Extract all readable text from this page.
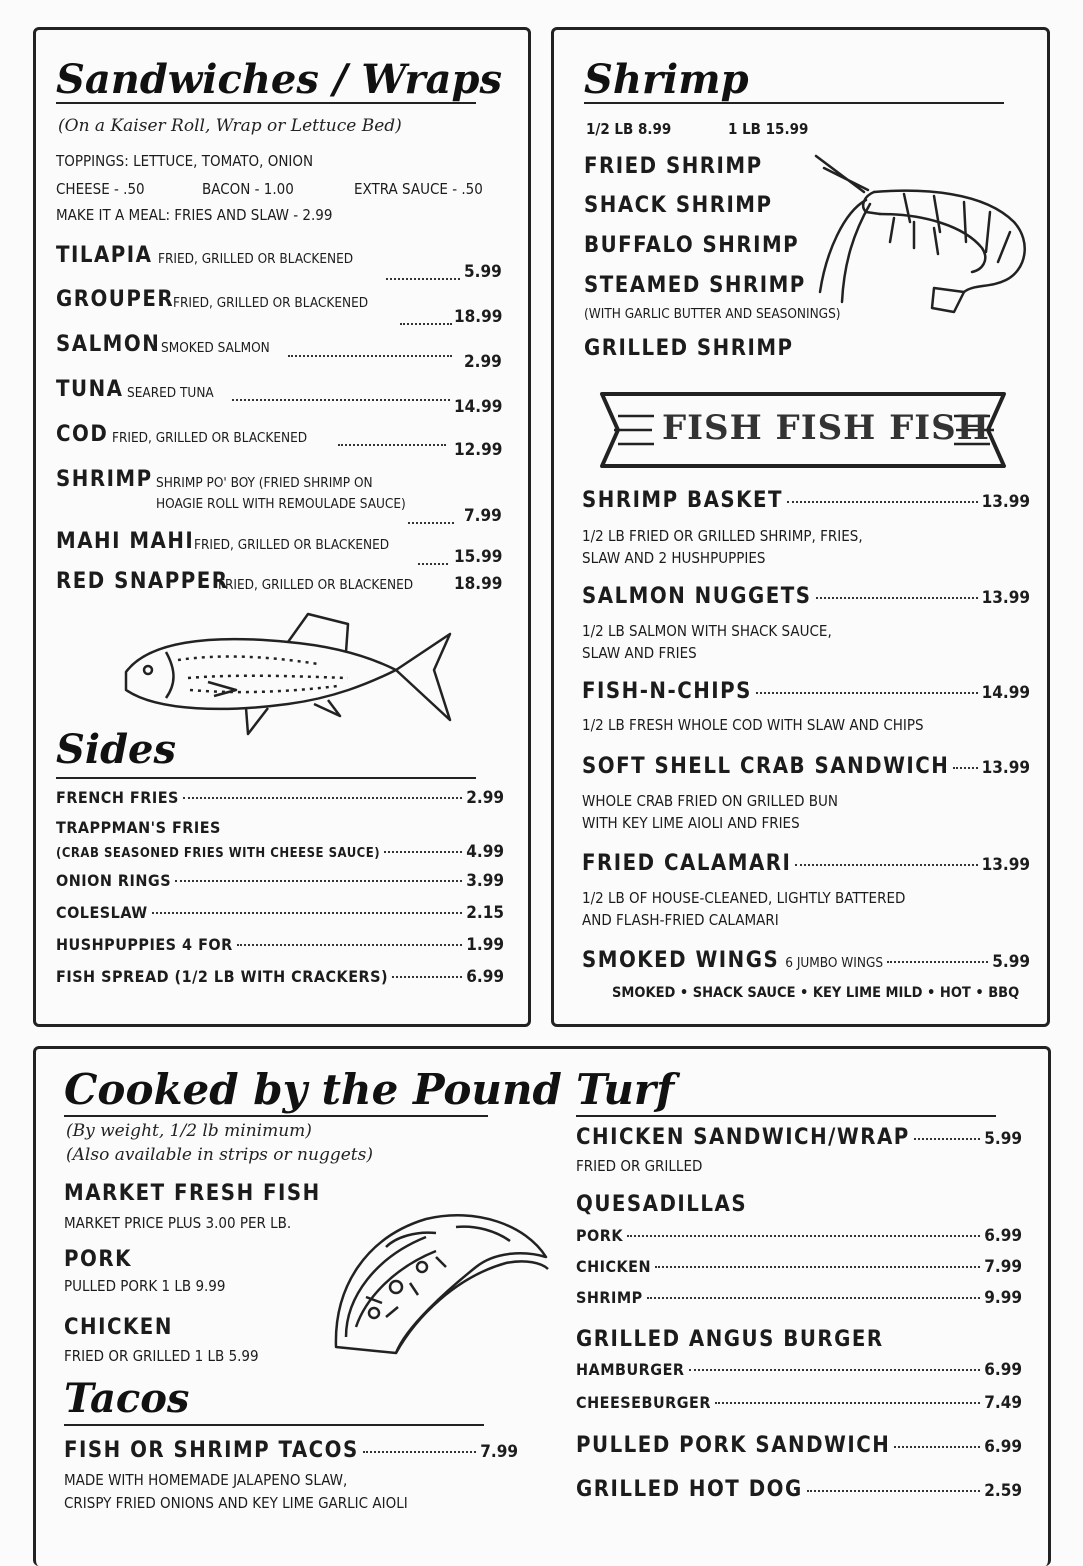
Sandwiches / Wraps
(On a Kaiser Roll, Wrap or Lettuce Bed)
TOPPINGS: LETTUCE, TOMATO, ONION
CHEESE - .50	BACON - 1.00	EXTRA SAUCE - .50
MAKE IT A MEAL: FRIES AND SLAW - 2.99
TILAPIA FRIED, GRILLED OR BLACKENED
5.99
GROUPER
FRIED, GRILLED OR BLACKENED
18.99
SALMON SMOKED SALMON
2.99
TUNA SEARED TUNA
14.99
COD FRIED, GRILLED OR BLACKENED
12.99
SHRIMP SHRIMP PO' BOY (FRIED SHRIMP ON
HOAGIE ROLL WITH REMOULADE SAUCE)
7.99
MAHI MAHI FRIED, GRILLED OR BLACKENED
15.99
RED SNAPPER
FRIED, GRILLED OR BLACKENED 18.99
Sides
FRENCH FRIES	2.99
TRAPPMAN'S FRIES
(CRAB SEASONED FRIES WITH CHEESE SAUCE)	4.99
ONION RINGS	3.99
COLESLAW	2.15
HUSHPUPPIES 4 FOR	1.99
FISH SPREAD (1/2 LB WITH CRACKERS)	6.99
Shrimp
1/2 LB 8.99	1 LB 15.99
FRIED SHRIMP
SHACK SHRIMP
BUFFALO SHRIMP
STEAMED SHRIMP
(WITH GARLIC BUTTER AND SEASONINGS)
GRILLED SHRIMP
FISH FISH FISH
SHRIMP BASKET	13.99
1/2 LB FRIED OR GRILLED SHRIMP, FRIES,
SLAW AND 2 HUSHPUPPIES
SALMON NUGGETS	13.99
1/2 LB SALMON WITH SHACK SAUCE,
SLAW AND FRIES
FISH-N-CHIPS	14.99
1/2 LB FRESH WHOLE COD WITH SLAW AND CHIPS
SOFT SHELL CRAB SANDWICH 13.99
WHOLE CRAB FRIED ON GRILLED BUN
WITH KEY LIME AIOLI AND FRIES
FRIED CALAMARI	13.99
1/2 LB OF HOUSE-CLEANED, LIGHTLY BATTERED
AND FLASH-FRIED CALAMARI
SMOKED WINGS 6 JUMBO WINGS	5.99
SMOKED • SHACK SAUCE • KEY LIME MILD • HOT • BBQ
Cooked by the Pound
(By weight, 1/2 lb minimum)
(Also available in strips or nuggets)
MARKET FRESH FISH
MARKET PRICE PLUS 3.00 PER LB.
PORK
PULLED PORK 1 LB 9.99
CHICKEN
FRIED OR GRILLED 1 LB 5.99
Tacos
FISH OR SHRIMP TACOS	7.99
MADE WITH HOMEMADE JALAPENO SLAW,
CRISPY FRIED ONIONS AND KEY LIME GARLIC AIOLI
Turf
CHICKEN SANDWICH/WRAP	5.99
FRIED OR GRILLED
QUESADILLAS
PORK	6.99
CHICKEN	7.99
SHRIMP	9.99
GRILLED ANGUS BURGER
HAMBURGER	6.99
CHEESEBURGER	7.49
PULLED PORK SANDWICH	6.99
GRILLED HOT DOG	2.59
